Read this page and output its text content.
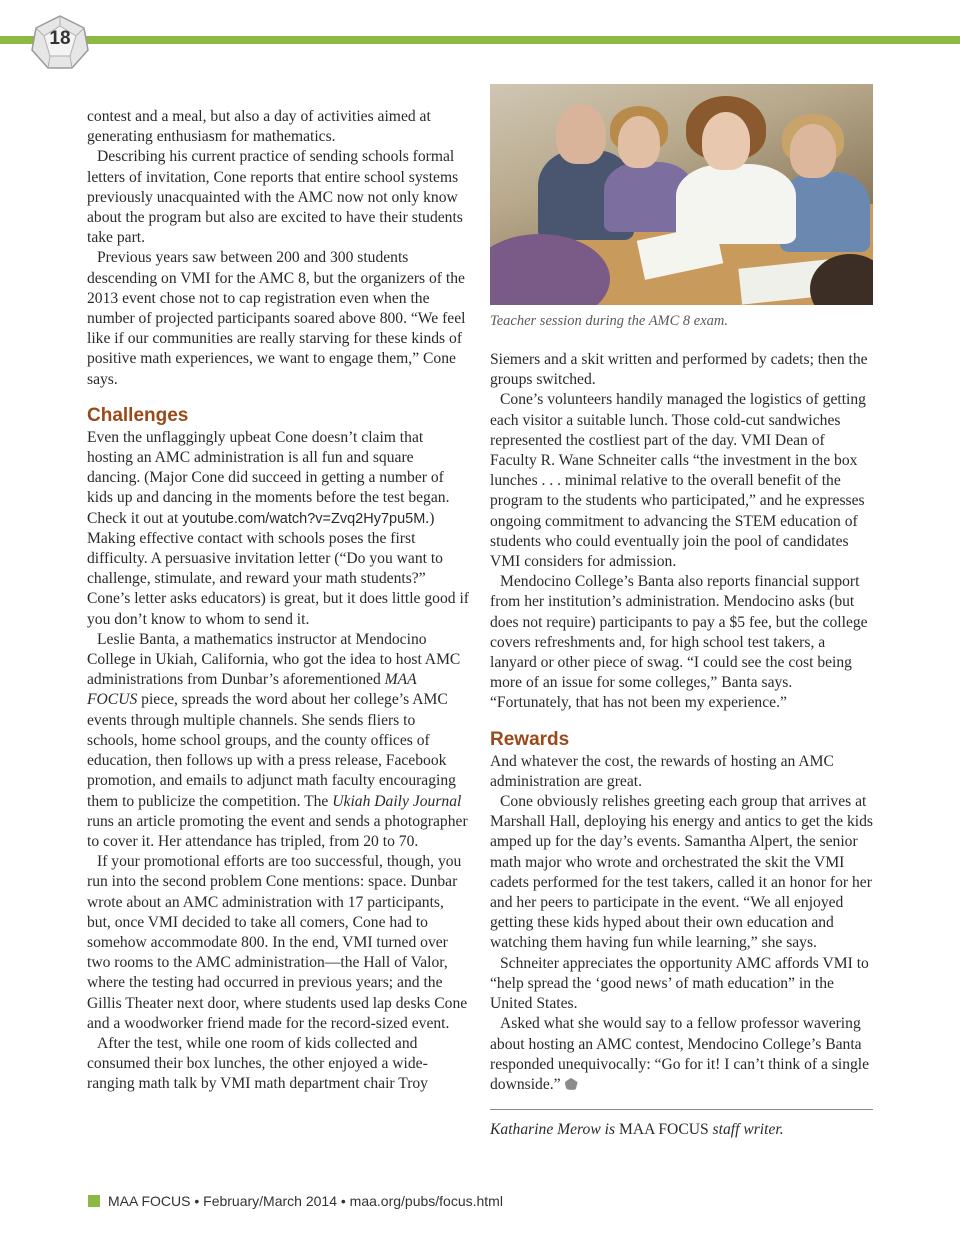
18

contest and a meal, but also a day of activities aimed at generating enthusiasm for mathematics.

Describing his current practice of sending schools formal letters of invitation, Cone reports that entire school systems previously unacquainted with the AMC now not only know about the program but also are excited to have their students take part.

Previous years saw between 200 and 300 students descending on VMI for the AMC 8, but the organizers of the 2013 event chose not to cap registration even when the number of projected participants soared above 800. “We feel like if our communities are really starving for these kinds of positive math experiences, we want to engage them,” Cone says.

Challenges

Even the unflaggingly upbeat Cone doesn’t claim that hosting an AMC administration is all fun and square dancing. (Major Cone did succeed in getting a number of kids up and dancing in the moments before the test began. Check it out at youtube.com/watch?v=Zvq2Hy7pu5M.) Making effective contact with schools poses the first difficulty. A persuasive invitation letter (“Do you want to challenge, stimulate, and reward your math students?” Cone’s letter asks educators) is great, but it does little good if you don’t know to whom to send it.

Leslie Banta, a mathematics instructor at Mendocino College in Ukiah, California, who got the idea to host AMC administrations from Dunbar’s aforementioned MAA FOCUS piece, spreads the word about her college’s AMC events through multiple channels. She sends fliers to schools, home school groups, and the county offices of education, then follows up with a press release, Facebook promotion, and emails to adjunct math faculty encouraging them to publicize the competition. The Ukiah Daily Journal runs an article promoting the event and sends a photographer to cover it. Her attendance has tripled, from 20 to 70.

If your promotional efforts are too successful, though, you run into the second problem Cone mentions: space. Dunbar wrote about an AMC administration with 17 participants, but, once VMI decided to take all comers, Cone had to somehow accommodate 800. In the end, VMI turned over two rooms to the AMC administration—the Hall of Valor, where the testing had occurred in previous years; and the Gillis Theater next door, where students used lap desks Cone and a woodworker friend made for the record-sized event.

After the test, while one room of kids collected and consumed their box lunches, the other enjoyed a wide-ranging math talk by VMI math department chair Troy

Teacher session during the AMC 8 exam.

Siemers and a skit written and performed by cadets; then the groups switched.

Cone’s volunteers handily managed the logistics of getting each visitor a suitable lunch. Those cold-cut sandwiches represented the costliest part of the day. VMI Dean of Faculty R. Wane Schneiter calls “the investment in the box lunches . . . minimal relative to the overall benefit of the program to the students who participated,” and he expresses ongoing commitment to advancing the STEM education of students who could eventually join the pool of candidates VMI considers for admission.

Mendocino College’s Banta also reports financial support from her institution’s administration. Mendocino asks (but does not require) participants to pay a $5 fee, but the college covers refreshments and, for high school test takers, a lanyard or other piece of swag. “I could see the cost being more of an issue for some colleges,” Banta says. “Fortunately, that has not been my experience.”

Rewards

And whatever the cost, the rewards of hosting an AMC administration are great.

Cone obviously relishes greeting each group that arrives at Marshall Hall, deploying his energy and antics to get the kids amped up for the day’s events. Samantha Alpert, the senior math major who wrote and orchestrated the skit the VMI cadets performed for the test takers, called it an honor for her and her peers to participate in the event. “We all enjoyed getting these kids hyped about their own education and watching them having fun while learning,” she says.

Schneiter appreciates the opportunity AMC affords VMI to “help spread the ‘good news’ of math education” in the United States.

Asked what she would say to a fellow professor wavering about hosting an AMC contest, Mendocino College’s Banta responded unequivocally: “Go for it! I can’t think of a single downside.”

Katharine Merow is MAA FOCUS staff writer.

MAA FOCUS • February/March 2014 • maa.org/pubs/focus.html
